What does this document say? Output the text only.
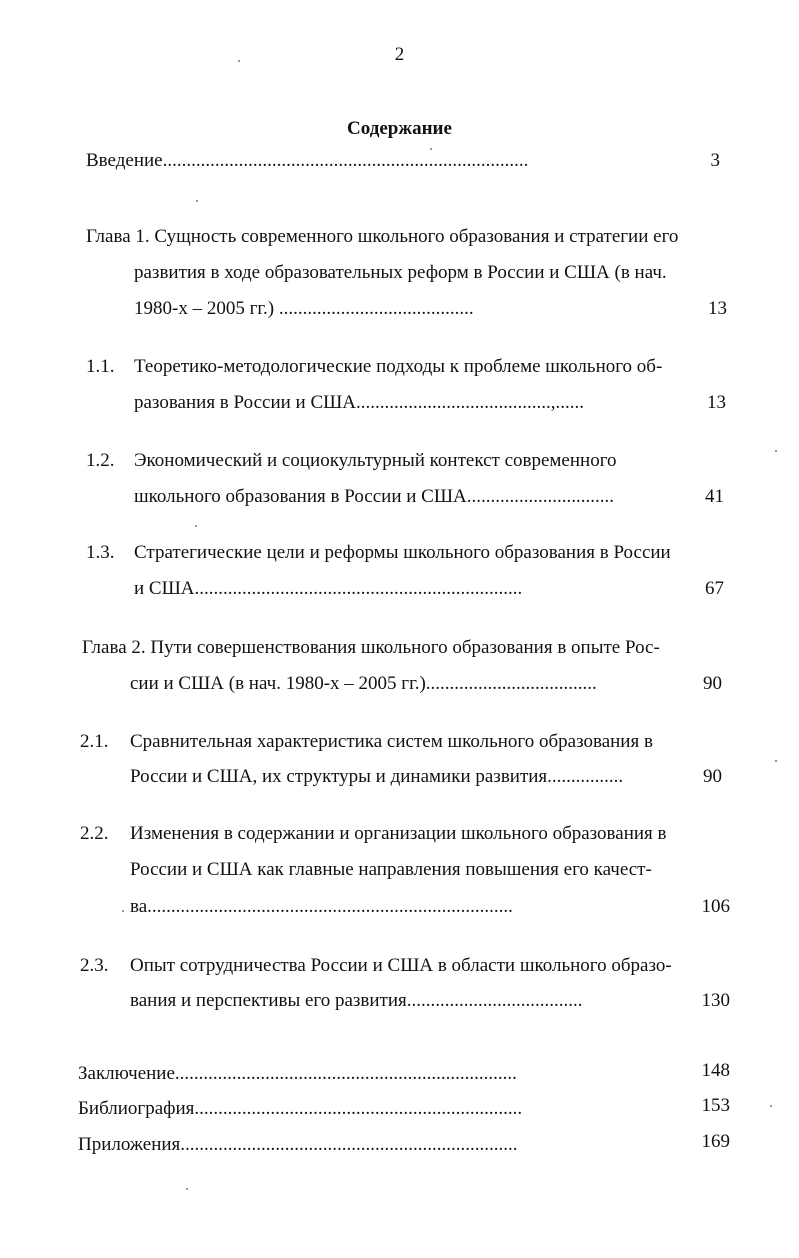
2
Содержание
Введение.............................................................................	3
Глава 1. Сущность современного школьного образования и стратегии его
развития в ходе образовательных реформ в России и США (в нач.
1980-х – 2005 гг.) .........................................	13
1.1. Теоретико-методологические подходы к проблеме школьного об-
разования в России и США.........................................,......	13
1.2. Экономический и социокультурный контекст современного
школьного образования в России и США...............................	41
1.3. Стратегические цели и реформы школьного образования в России
и США.....................................................................	67
Глава 2. Пути совершенствования школьного образования в опыте Рос-
сии и США (в нач. 1980-х – 2005 гг.)....................................	90
2.1. Сравнительная характеристика систем школьного образования в
России и США, их структуры и динамики развития................	90
2.2. Изменения в содержании и организации школьного образования в
России и США как главные направления повышения его качест-
ва.............................................................................	106
2.3. Опыт сотрудничества России и США в области школьного образо-
вания и перспективы его развития.....................................	130
Заключение........................................................................	148
Библиография.....................................................................	153
Приложения.......................................................................	169
